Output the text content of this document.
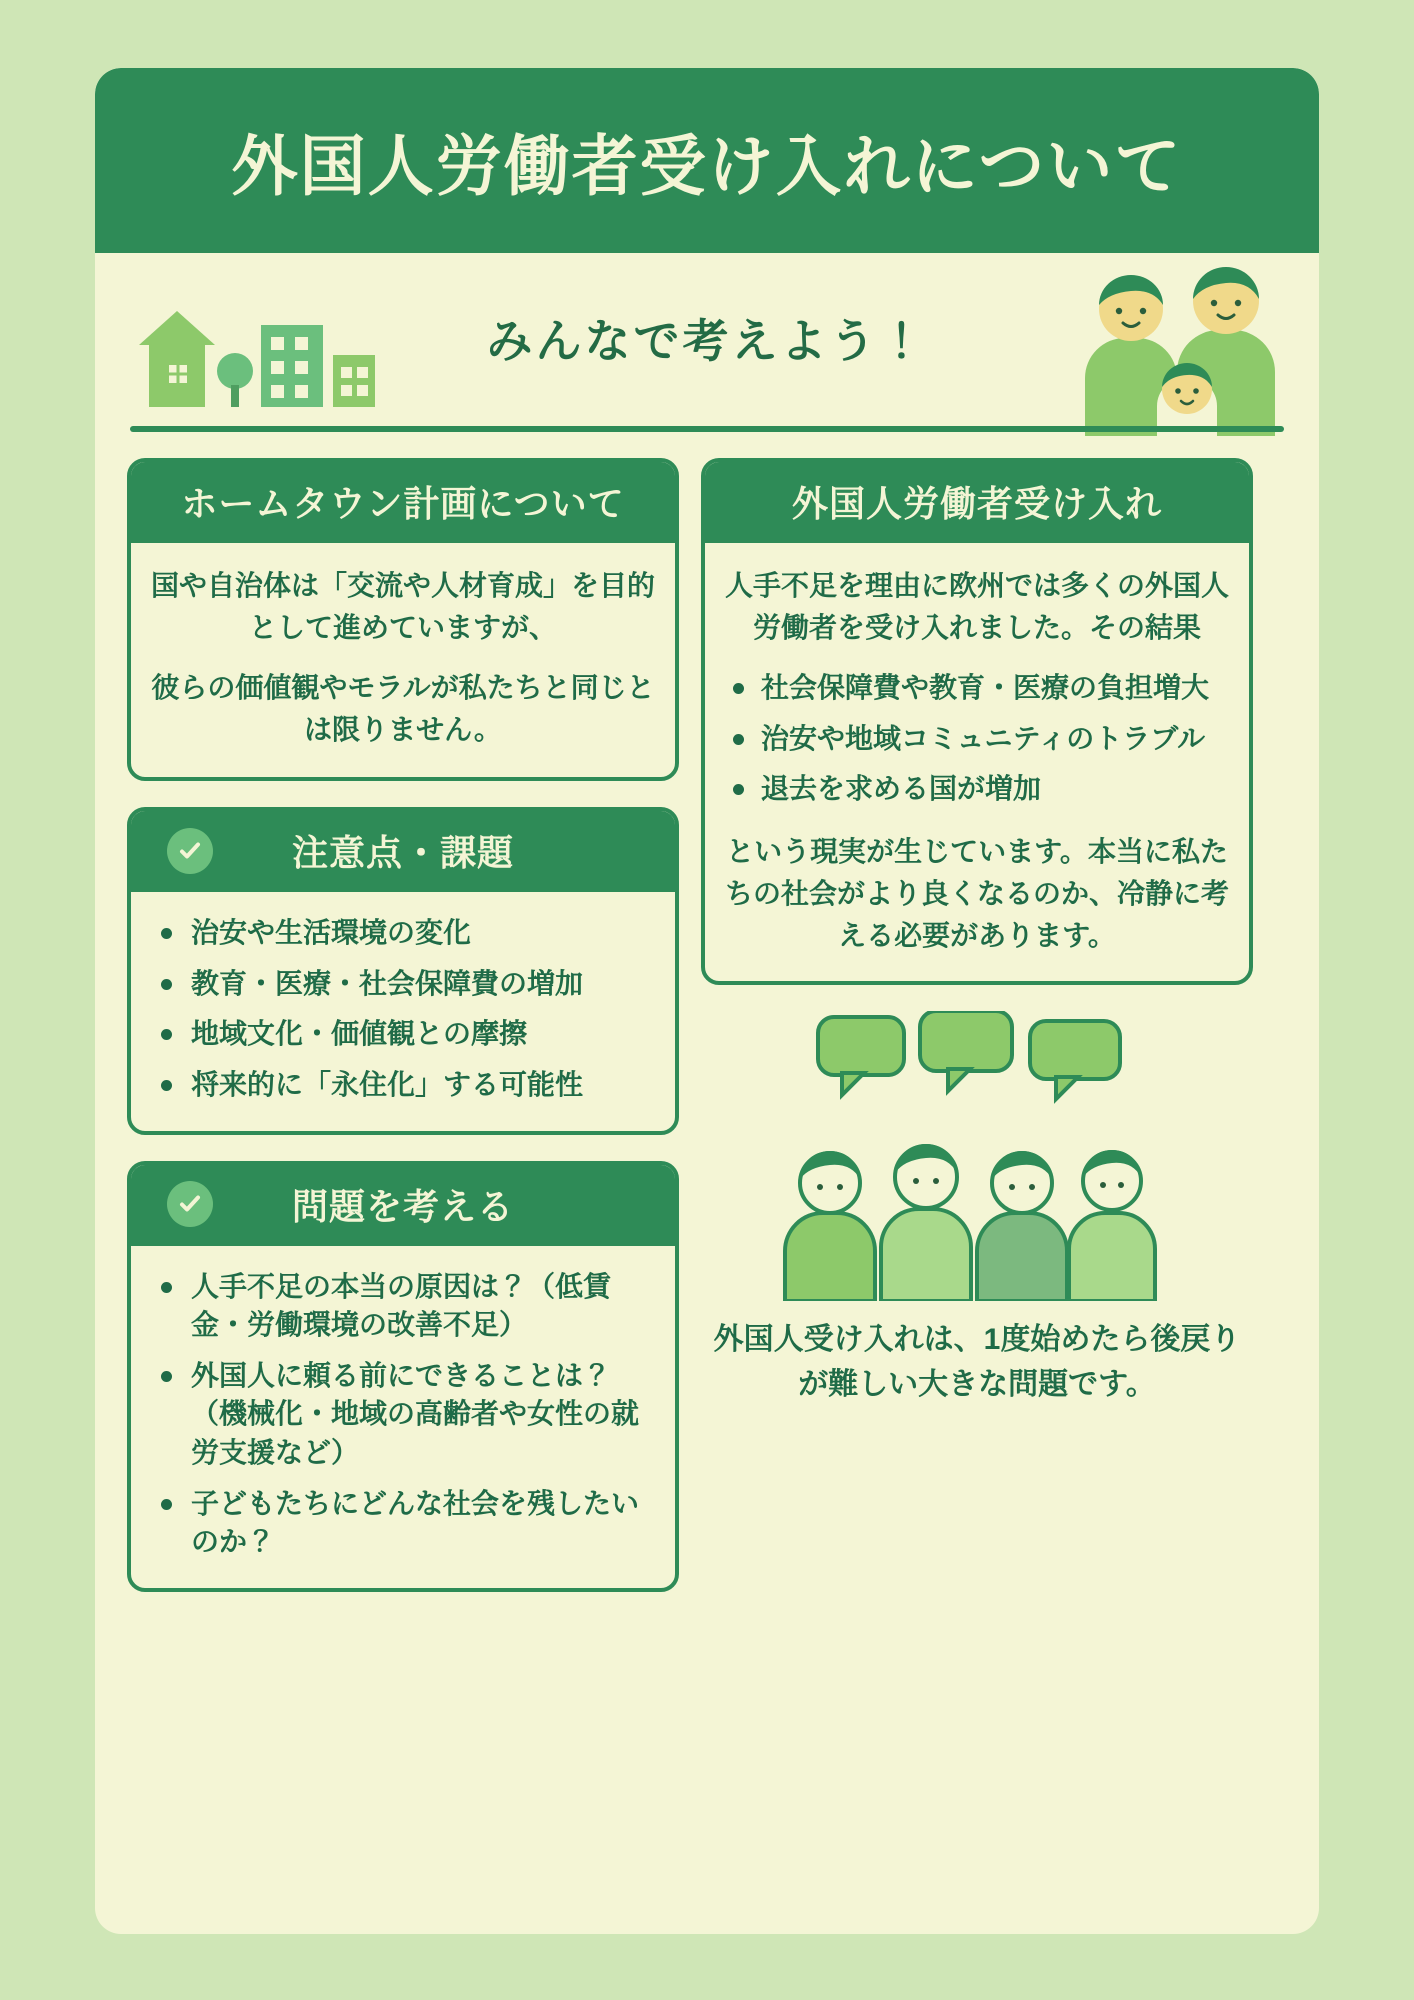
外国人労働者受け入れについて
みんなで考えよう！
ホームタウン計画について

国や自治体は「交流や人材育成」を目的として進めていますが、

彼らの価値観やモラルが私たちと同じとは限りません。

注意点・課題
治安や生活環境の変化
教育・医療・社会保障費の増加
地域文化・価値観との摩擦
将来的に「永住化」する可能性
問題を考える
人手不足の本当の原因は？（低賃金・労働環境の改善不足）
外国人に頼る前にできることは？（機械化・地域の高齢者や女性の就労支援など）
子どもたちにどんな社会を残したいのか？
外国人労働者受け入れ

人手不足を理由に欧州では多くの外国人労働者を受け入れました。その結果

社会保障費や教育・医療の負担増大
治安や地域コミュニティのトラブル
退去を求める国が増加

という現実が生じています。本当に私たちの社会がより良くなるのか、冷静に考える必要があります。

外国人受け入れは、1度始めたら後戻りが難しい大きな問題です。
